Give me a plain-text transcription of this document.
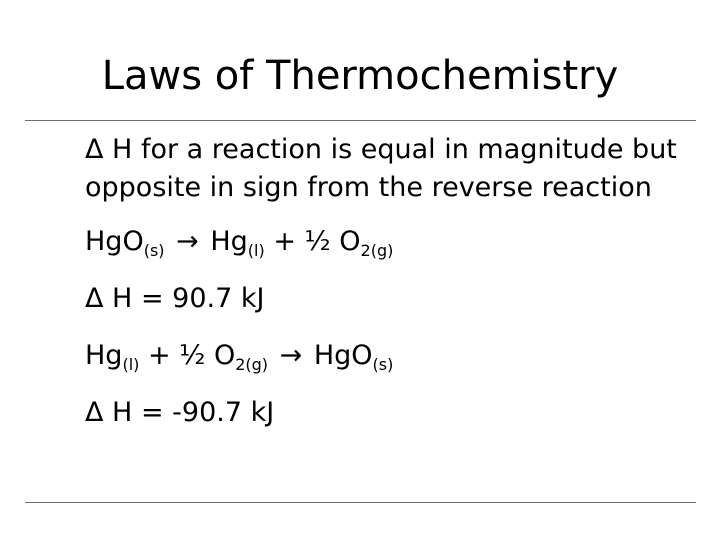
Laws of Thermochemistry
Δ H for a reaction is equal in magnitude but opposite in sign from the reverse reaction
$HgO_{(s)} \to Hg_{(l)}$ + ½ $O_{2(g)}$
Δ H = 90.7 kJ
$Hg_{(l)}$ + ½ $O_{2(g)} \to HgO_{(s)}$
Δ H = -90.7 kJ
